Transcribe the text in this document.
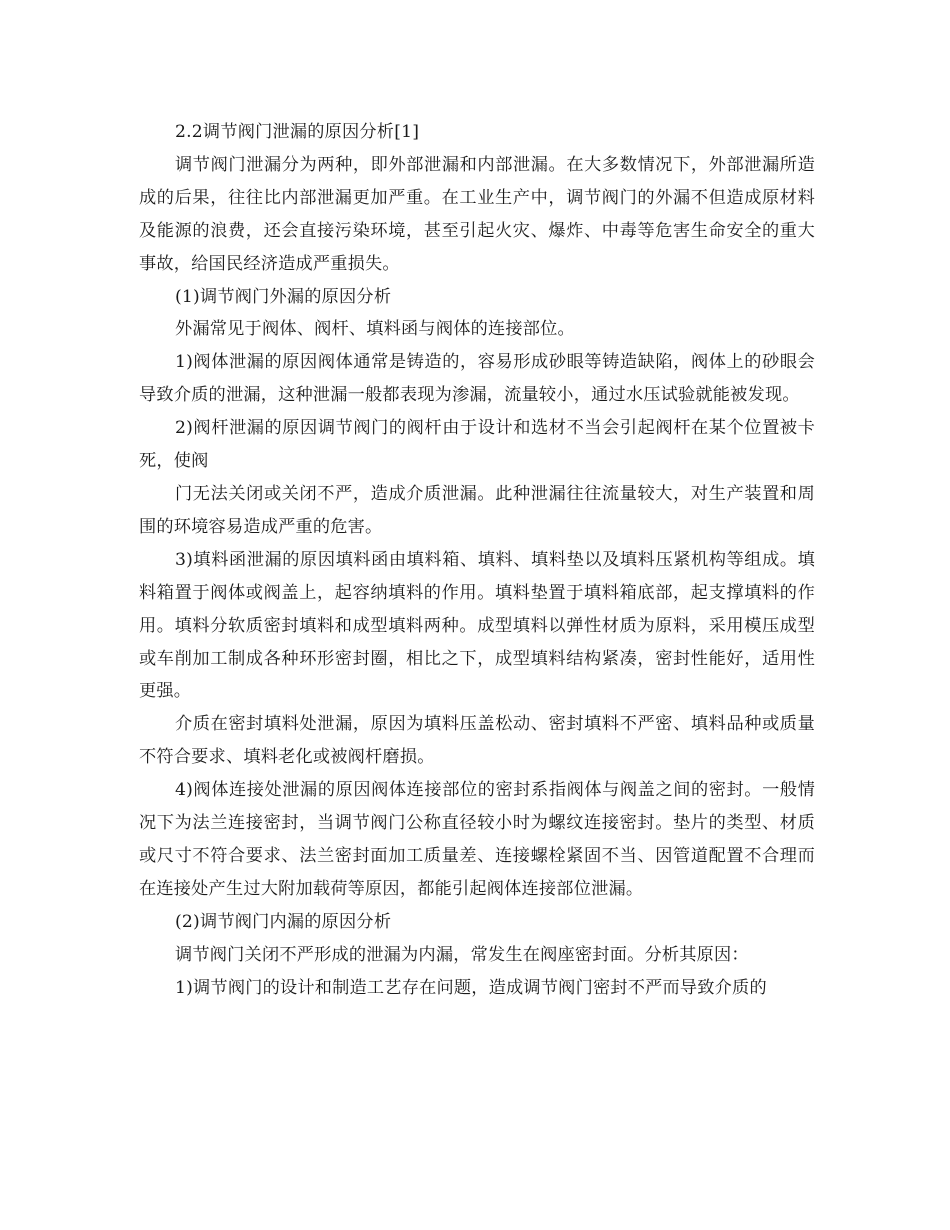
2.2调节阀门泄漏的原因分析[1]

调节阀门泄漏分为两种，即外部泄漏和内部泄漏。在大多数情况下，外部泄漏所造成的后果，往往比内部泄漏更加严重。在工业生产中，调节阀门的外漏不但造成原材料及能源的浪费，还会直接污染环境，甚至引起火灾、爆炸、中毒等危害生命安全的重大事故，给国民经济造成严重损失。

(1)调节阀门外漏的原因分析

外漏常见于阀体、阀杆、填料函与阀体的连接部位。

1)阀体泄漏的原因阀体通常是铸造的，容易形成砂眼等铸造缺陷，阀体上的砂眼会导致介质的泄漏，这种泄漏一般都表现为渗漏，流量较小，通过水压试验就能被发现。

2)阀杆泄漏的原因调节阀门的阀杆由于设计和选材不当会引起阀杆在某个位置被卡死，使阀

门无法关闭或关闭不严，造成介质泄漏。此种泄漏往往流量较大，对生产装置和周围的环境容易造成严重的危害。

3)填料函泄漏的原因填料函由填料箱、填料、填料垫以及填料压紧机构等组成。填料箱置于阀体或阀盖上，起容纳填料的作用。填料垫置于填料箱底部，起支撑填料的作用。填料分软质密封填料和成型填料两种。成型填料以弹性材质为原料，采用模压成型或车削加工制成各种环形密封圈，相比之下，成型填料结构紧凑，密封性能好，适用性更强。

介质在密封填料处泄漏，原因为填料压盖松动、密封填料不严密、填料品种或质量不符合要求、填料老化或被阀杆磨损。

4)阀体连接处泄漏的原因阀体连接部位的密封系指阀体与阀盖之间的密封。一般情况下为法兰连接密封，当调节阀门公称直径较小时为螺纹连接密封。垫片的类型、材质或尺寸不符合要求、法兰密封面加工质量差、连接螺栓紧固不当、因管道配置不合理而在连接处产生过大附加载荷等原因，都能引起阀体连接部位泄漏。

(2)调节阀门内漏的原因分析

调节阀门关闭不严形成的泄漏为内漏，常发生在阀座密封面。分析其原因：

1)调节阀门的设计和制造工艺存在问题，造成调节阀门密封不严而导致介质的
